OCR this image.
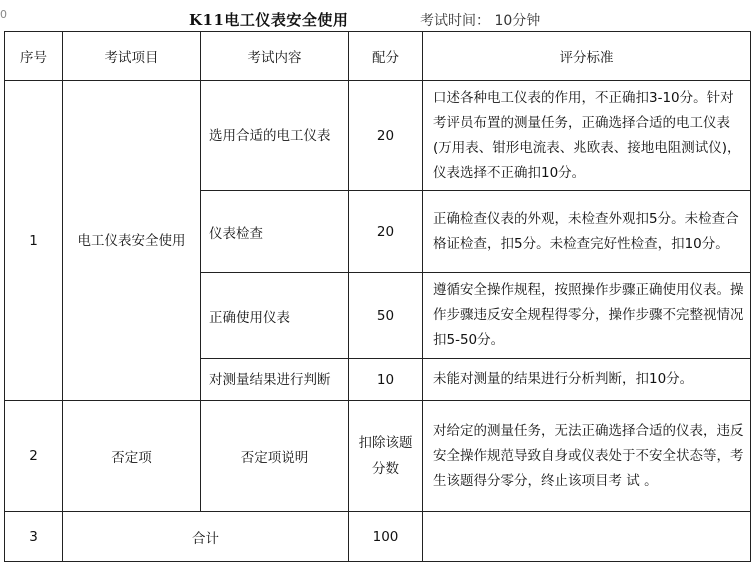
0	K11电工仪表安全使用	考试时间： 10分钟
序号	考试项目	考试内容	配分	评分标准
1	电工仪表安全使用	选用合适的电工仪表	20	口述各种电工仪表的作用，不正确扣3-10分。针对考评员布置的测量任务，正确选择合适的电工仪表(万用表、钳形电流表、兆欧表、接地电阻测试仪)，仪表选择不正确扣10分。
		仪表检查	20	正确检查仪表的外观，未检查外观扣5分。未检查合格证检查，扣5分。未检查完好性检查，扣10分。
		正确使用仪表	50	遵循安全操作规程，按照操作步骤正确使用仪表。操作步骤违反安全规程得零分，操作步骤不完整视情况扣5-50分。
		对测量结果进行判断	10	未能对测量的结果进行分析判断，扣10分。
2	否定项	否定项说明	扣除该题分数	对给定的测量任务，无法正确选择合适的仪表，违反安全操作规范导致自身或仪表处于不安全状态等，考生该题得分零分，终止该项目考 试 。
3	合计		100	
